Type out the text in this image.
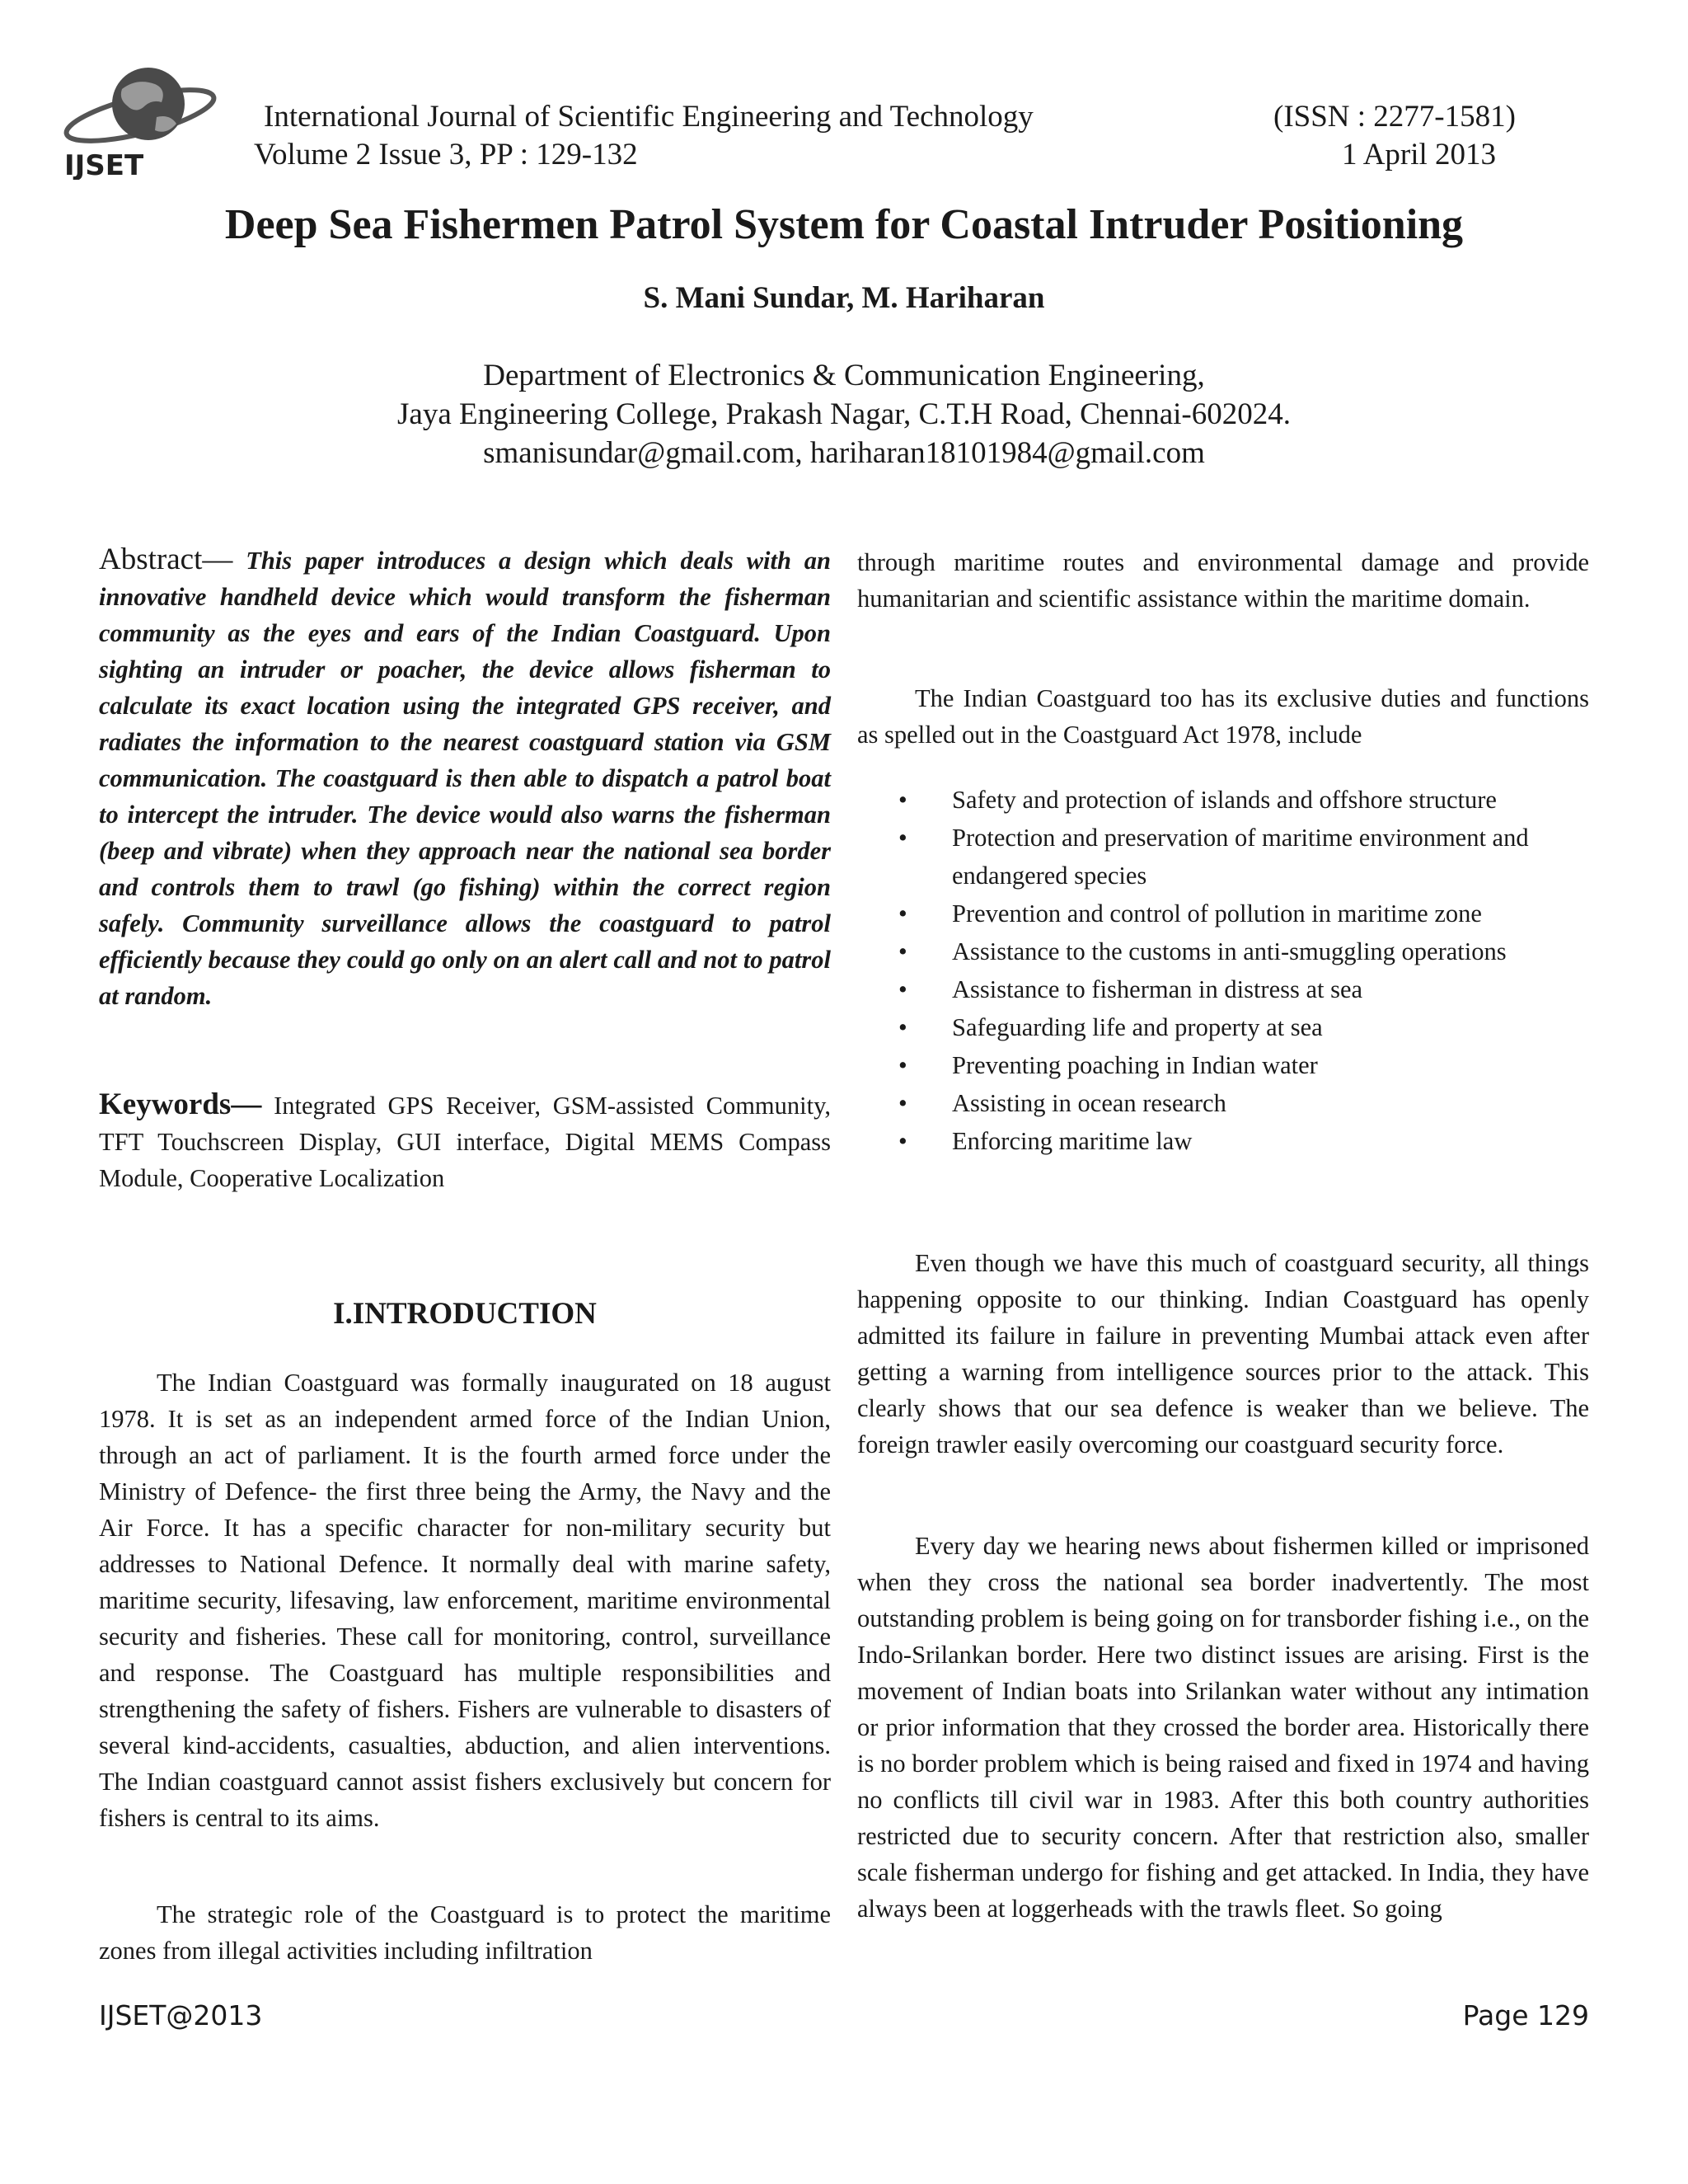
IJSET
International Journal of Scientific Engineering and Technology	(ISSN : 2277-1581)
Volume 2 Issue 3, PP : 129-132	1 April 2013
Deep Sea Fishermen Patrol System for Coastal Intruder Positioning
S. Mani Sundar, M. Hariharan
Department of Electronics & Communication Engineering,
Jaya Engineering College, Prakash Nagar, C.T.H Road, Chennai-602024.
smanisundar@gmail.com, hariharan18101984@gmail.com

Abstract— This paper introduces a design which deals with an innovative handheld device which would transform the fisherman community as the eyes and ears of the Indian Coastguard. Upon sighting an intruder or poacher, the device allows fisherman to calculate its exact location using the integrated GPS receiver, and radiates the information to the nearest coastguard station via GSM communication. The coastguard is then able to dispatch a patrol boat to intercept the intruder. The device would also warns the fisherman (beep and vibrate) when they approach near the national sea border and controls them to trawl (go fishing) within the correct region safely. Community surveillance allows the coastguard to patrol efficiently because they could go only on an alert call and not to patrol at random.

Keywords— Integrated GPS Receiver, GSM-assisted Community, TFT Touchscreen Display, GUI interface, Digital MEMS Compass Module, Cooperative Localization

I.INTRODUCTION

The Indian Coastguard was formally inaugurated on 18 august 1978. It is set as an independent armed force of the Indian Union, through an act of parliament. It is the fourth armed force under the Ministry of Defence- the first three being the Army, the Navy and the Air Force. It has a specific character for non-military security but addresses to National Defence. It normally deal with marine safety, maritime security, lifesaving, law enforcement, maritime environmental security and fisheries. These call for monitoring, control, surveillance and response. The Coastguard has multiple responsibilities and strengthening the safety of fishers. Fishers are vulnerable to disasters of several kind-accidents, casualties, abduction, and alien interventions. The Indian coastguard cannot assist fishers exclusively but concern for fishers is central to its aims.

The strategic role of the Coastguard is to protect the maritime zones from illegal activities including infiltration

through maritime routes and environmental damage and provide humanitarian and scientific assistance within the maritime domain.

The Indian Coastguard too has its exclusive duties and functions as spelled out in the Coastguard Act 1978, include

• Safety and protection of islands and offshore structure
• Protection and preservation of maritime environment and endangered species
• Prevention and control of pollution in maritime zone
• Assistance to the customs in anti-smuggling operations
• Assistance to fisherman in distress at sea
• Safeguarding life and property at sea
• Preventing poaching in Indian water
• Assisting in ocean research
• Enforcing maritime law

Even though we have this much of coastguard security, all things happening opposite to our thinking. Indian Coastguard has openly admitted its failure in failure in preventing Mumbai attack even after getting a warning from intelligence sources prior to the attack. This clearly shows that our sea defence is weaker than we believe. The foreign trawler easily overcoming our coastguard security force.

Every day we hearing news about fishermen killed or imprisoned when they cross the national sea border inadvertently. The most outstanding problem is being going on for transborder fishing i.e., on the Indo-Srilankan border. Here two distinct issues are arising. First is the movement of Indian boats into Srilankan water without any intimation or prior information that they crossed the border area. Historically there is no border problem which is being raised and fixed in 1974 and having no conflicts till civil war in 1983. After this both country authorities restricted due to security concern. After that restriction also, smaller scale fisherman undergo for fishing and get attacked. In India, they have always been at loggerheads with the trawls fleet. So going

IJSET@2013	Page 129
